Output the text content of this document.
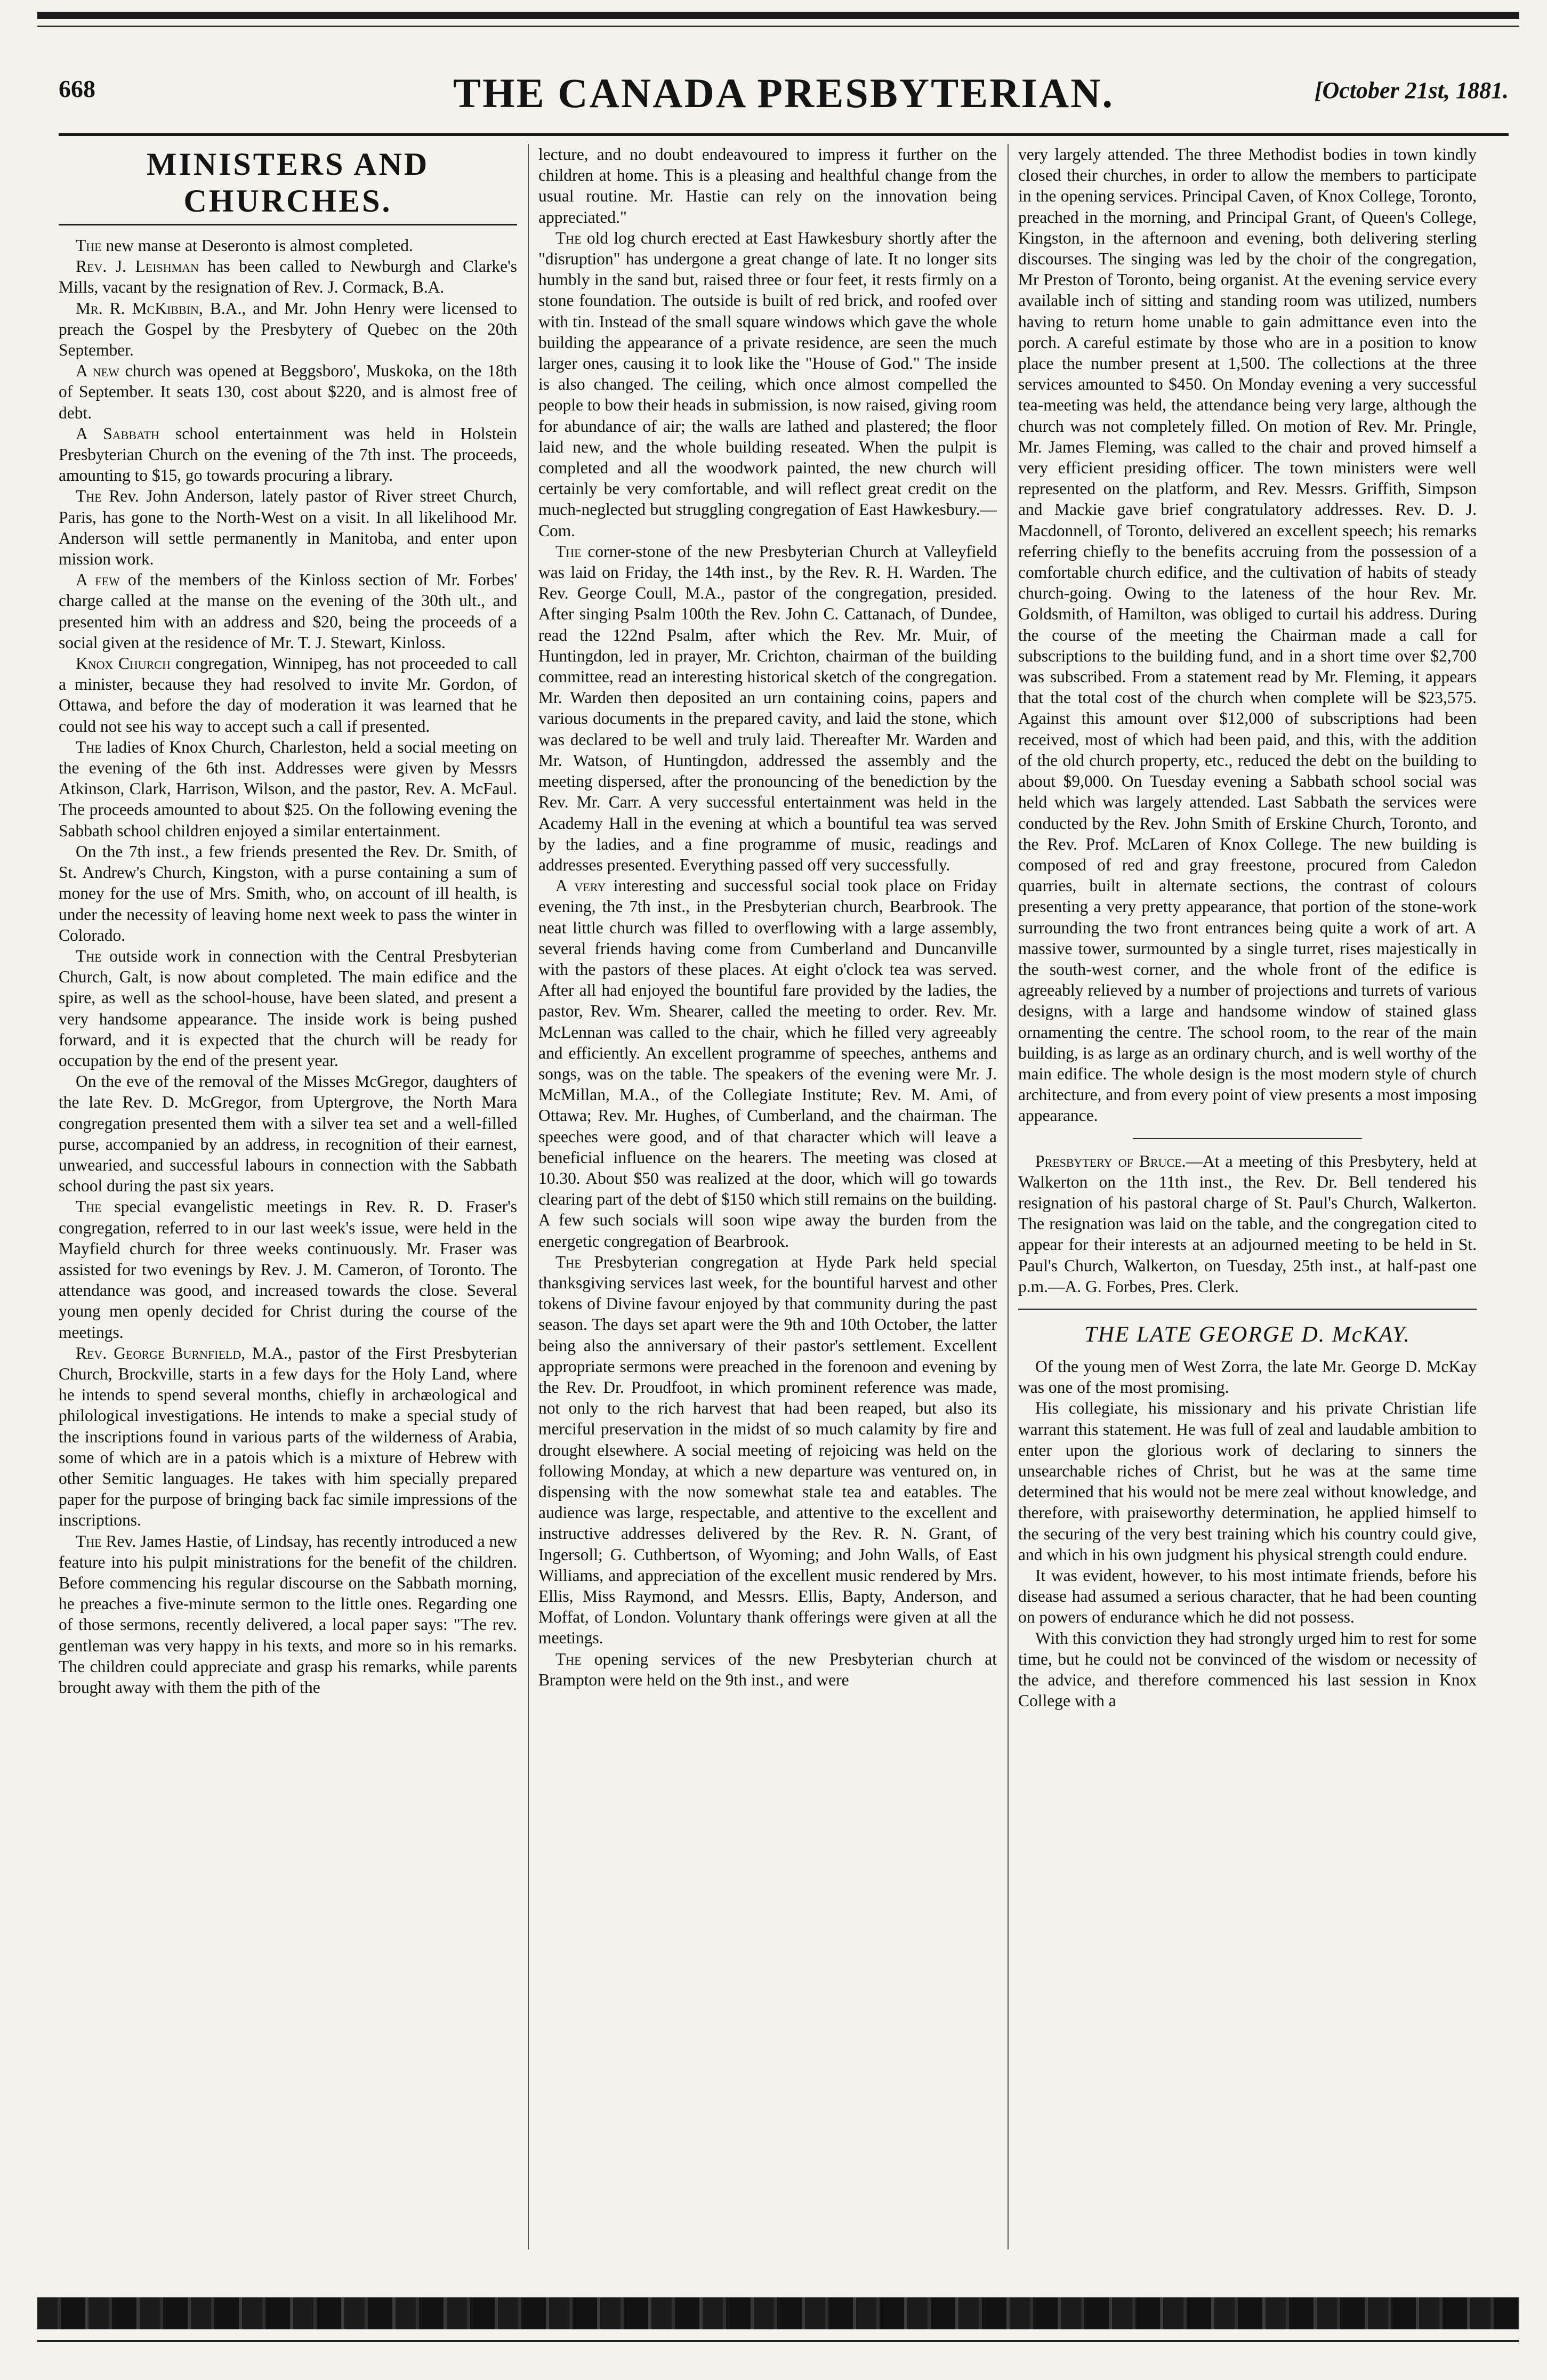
668	THE CANADA PRESBYTERIAN.	[October 21st, 1881.
MINISTERS AND CHURCHES.

The new manse at Deseronto is almost completed.

Rev. J. Leishman has been called to Newburgh and Clarke's Mills, vacant by the resignation of Rev. J. Cormack, B.A.

Mr. R. McKibbin, B.A., and Mr. John Henry were licensed to preach the Gospel by the Presbytery of Quebec on the 20th September.

A new church was opened at Beggsboro', Muskoka, on the 18th of September. It seats 130, cost about $220, and is almost free of debt.

A Sabbath school entertainment was held in Holstein Presbyterian Church on the evening of the 7th inst. The proceeds, amounting to $15, go towards procuring a library.

The Rev. John Anderson, lately pastor of River street Church, Paris, has gone to the North-West on a visit. In all likelihood Mr. Anderson will settle permanently in Manitoba, and enter upon mission work.

A few of the members of the Kinloss section of Mr. Forbes' charge called at the manse on the evening of the 30th ult., and presented him with an address and $20, being the proceeds of a social given at the residence of Mr. T. J. Stewart, Kinloss.

Knox Church congregation, Winnipeg, has not proceeded to call a minister, because they had resolved to invite Mr. Gordon, of Ottawa, and before the day of moderation it was learned that he could not see his way to accept such a call if presented.

The ladies of Knox Church, Charleston, held a social meeting on the evening of the 6th inst. Addresses were given by Messrs Atkinson, Clark, Harrison, Wilson, and the pastor, Rev. A. McFaul. The proceeds amounted to about $25. On the following evening the Sabbath school children enjoyed a similar entertainment.

On the 7th inst., a few friends presented the Rev. Dr. Smith, of St. Andrew's Church, Kingston, with a purse containing a sum of money for the use of Mrs. Smith, who, on account of ill health, is under the necessity of leaving home next week to pass the winter in Colorado.

The outside work in connection with the Central Presbyterian Church, Galt, is now about completed. The main edifice and the spire, as well as the school-house, have been slated, and present a very handsome appearance. The inside work is being pushed forward, and it is expected that the church will be ready for occupation by the end of the present year.

On the eve of the removal of the Misses McGregor, daughters of the late Rev. D. McGregor, from Uptergrove, the North Mara congregation presented them with a silver tea set and a well-filled purse, accompanied by an address, in recognition of their earnest, unwearied, and successful labours in connection with the Sabbath school during the past six years.

The special evangelistic meetings in Rev. R. D. Fraser's congregation, referred to in our last week's issue, were held in the Mayfield church for three weeks continuously. Mr. Fraser was assisted for two evenings by Rev. J. M. Cameron, of Toronto. The attendance was good, and increased towards the close. Several young men openly decided for Christ during the course of the meetings.

Rev. George Burnfield, M.A., pastor of the First Presbyterian Church, Brockville, starts in a few days for the Holy Land, where he intends to spend several months, chiefly in archæological and philological investigations. He intends to make a special study of the inscriptions found in various parts of the wilderness of Arabia, some of which are in a patois which is a mixture of Hebrew with other Semitic languages. He takes with him specially prepared paper for the purpose of bringing back fac simile impressions of the inscriptions.

The Rev. James Hastie, of Lindsay, has recently introduced a new feature into his pulpit ministrations for the benefit of the children. Before commencing his regular discourse on the Sabbath morning, he preaches a five-minute sermon to the little ones. Regarding one of those sermons, recently delivered, a local paper says: "The rev. gentleman was very happy in his texts, and more so in his remarks. The children could appreciate and grasp his remarks, while parents brought away with them the pith of the

lecture, and no doubt endeavoured to impress it further on the children at home. This is a pleasing and healthful change from the usual routine. Mr. Hastie can rely on the innovation being appreciated."

The old log church erected at East Hawkesbury shortly after the "disruption" has undergone a great change of late. It no longer sits humbly in the sand but, raised three or four feet, it rests firmly on a stone foundation. The outside is built of red brick, and roofed over with tin. Instead of the small square windows which gave the whole building the appearance of a private residence, are seen the much larger ones, causing it to look like the "House of God." The inside is also changed. The ceiling, which once almost compelled the people to bow their heads in submission, is now raised, giving room for abundance of air; the walls are lathed and plastered; the floor laid new, and the whole building reseated. When the pulpit is completed and all the woodwork painted, the new church will certainly be very comfortable, and will reflect great credit on the much-neglected but struggling congregation of East Hawkesbury.—Com.

The corner-stone of the new Presbyterian Church at Valleyfield was laid on Friday, the 14th inst., by the Rev. R. H. Warden. The Rev. George Coull, M.A., pastor of the congregation, presided. After singing Psalm 100th the Rev. John C. Cattanach, of Dundee, read the 122nd Psalm, after which the Rev. Mr. Muir, of Huntingdon, led in prayer, Mr. Crichton, chairman of the building committee, read an interesting historical sketch of the congregation. Mr. Warden then deposited an urn containing coins, papers and various documents in the prepared cavity, and laid the stone, which was declared to be well and truly laid. Thereafter Mr. Warden and Mr. Watson, of Huntingdon, addressed the assembly and the meeting dispersed, after the pronouncing of the benediction by the Rev. Mr. Carr. A very successful entertainment was held in the Academy Hall in the evening at which a bountiful tea was served by the ladies, and a fine programme of music, readings and addresses presented. Everything passed off very successfully.

A very interesting and successful social took place on Friday evening, the 7th inst., in the Presbyterian church, Bearbrook. The neat little church was filled to overflowing with a large assembly, several friends having come from Cumberland and Duncanville with the pastors of these places. At eight o'clock tea was served. After all had enjoyed the bountiful fare provided by the ladies, the pastor, Rev. Wm. Shearer, called the meeting to order. Rev. Mr. McLennan was called to the chair, which he filled very agreeably and efficiently. An excellent programme of speeches, anthems and songs, was on the table. The speakers of the evening were Mr. J. McMillan, M.A., of the Collegiate Institute; Rev. M. Ami, of Ottawa; Rev. Mr. Hughes, of Cumberland, and the chairman. The speeches were good, and of that character which will leave a beneficial influence on the hearers. The meeting was closed at 10.30. About $50 was realized at the door, which will go towards clearing part of the debt of $150 which still remains on the building. A few such socials will soon wipe away the burden from the energetic congregation of Bearbrook.

The Presbyterian congregation at Hyde Park held special thanksgiving services last week, for the bountiful harvest and other tokens of Divine favour enjoyed by that community during the past season. The days set apart were the 9th and 10th October, the latter being also the anniversary of their pastor's settlement. Excellent appropriate sermons were preached in the forenoon and evening by the Rev. Dr. Proudfoot, in which prominent reference was made, not only to the rich harvest that had been reaped, but also its merciful preservation in the midst of so much calamity by fire and drought elsewhere. A social meeting of rejoicing was held on the following Monday, at which a new departure was ventured on, in dispensing with the now somewhat stale tea and eatables. The audience was large, respectable, and attentive to the excellent and instructive addresses delivered by the Rev. R. N. Grant, of Ingersoll; G. Cuthbertson, of Wyoming; and John Walls, of East Williams, and appreciation of the excellent music rendered by Mrs. Ellis, Miss Raymond, and Messrs. Ellis, Bapty, Anderson, and Moffat, of London. Voluntary thank offerings were given at all the meetings.

The opening services of the new Presbyterian church at Brampton were held on the 9th inst., and were

very largely attended. The three Methodist bodies in town kindly closed their churches, in order to allow the members to participate in the opening services. Principal Caven, of Knox College, Toronto, preached in the morning, and Principal Grant, of Queen's College, Kingston, in the afternoon and evening, both delivering sterling discourses. The singing was led by the choir of the congregation, Mr Preston of Toronto, being organist. At the evening service every available inch of sitting and standing room was utilized, numbers having to return home unable to gain admittance even into the porch. A careful estimate by those who are in a position to know place the number present at 1,500. The collections at the three services amounted to $450. On Monday evening a very successful tea-meeting was held, the attendance being very large, although the church was not completely filled. On motion of Rev. Mr. Pringle, Mr. James Fleming, was called to the chair and proved himself a very efficient presiding officer. The town ministers were well represented on the platform, and Rev. Messrs. Griffith, Simpson and Mackie gave brief congratulatory addresses. Rev. D. J. Macdonnell, of Toronto, delivered an excellent speech; his remarks referring chiefly to the benefits accruing from the possession of a comfortable church edifice, and the cultivation of habits of steady church-going. Owing to the lateness of the hour Rev. Mr. Goldsmith, of Hamilton, was obliged to curtail his address. During the course of the meeting the Chairman made a call for subscriptions to the building fund, and in a short time over $2,700 was subscribed. From a statement read by Mr. Fleming, it appears that the total cost of the church when complete will be $23,575. Against this amount over $12,000 of subscriptions had been received, most of which had been paid, and this, with the addition of the old church property, etc., reduced the debt on the building to about $9,000. On Tuesday evening a Sabbath school social was held which was largely attended. Last Sabbath the services were conducted by the Rev. John Smith of Erskine Church, Toronto, and the Rev. Prof. McLaren of Knox College. The new building is composed of red and gray freestone, procured from Caledon quarries, built in alternate sections, the contrast of colours presenting a very pretty appearance, that portion of the stone-work surrounding the two front entrances being quite a work of art. A massive tower, surmounted by a single turret, rises majestically in the south-west corner, and the whole front of the edifice is agreeably relieved by a number of projections and turrets of various designs, with a large and handsome window of stained glass ornamenting the centre. The school room, to the rear of the main building, is as large as an ordinary church, and is well worthy of the main edifice. The whole design is the most modern style of church architecture, and from every point of view presents a most imposing appearance.

Presbytery of Bruce.—At a meeting of this Presbytery, held at Walkerton on the 11th inst., the Rev. Dr. Bell tendered his resignation of his pastoral charge of St. Paul's Church, Walkerton. The resignation was laid on the table, and the congregation cited to appear for their interests at an adjourned meeting to be held in St. Paul's Church, Walkerton, on Tuesday, 25th inst., at half-past one p.m.—A. G. Forbes, Pres. Clerk.

THE LATE GEORGE D. McKAY.

Of the young men of West Zorra, the late Mr. George D. McKay was one of the most promising.

His collegiate, his missionary and his private Christian life warrant this statement. He was full of zeal and laudable ambition to enter upon the glorious work of declaring to sinners the unsearchable riches of Christ, but he was at the same time determined that his would not be mere zeal without knowledge, and therefore, with praiseworthy determination, he applied himself to the securing of the very best training which his country could give, and which in his own judgment his physical strength could endure.

It was evident, however, to his most intimate friends, before his disease had assumed a serious character, that he had been counting on powers of endurance which he did not possess.

With this conviction they had strongly urged him to rest for some time, but he could not be convinced of the wisdom or necessity of the advice, and therefore commenced his last session in Knox College with a
